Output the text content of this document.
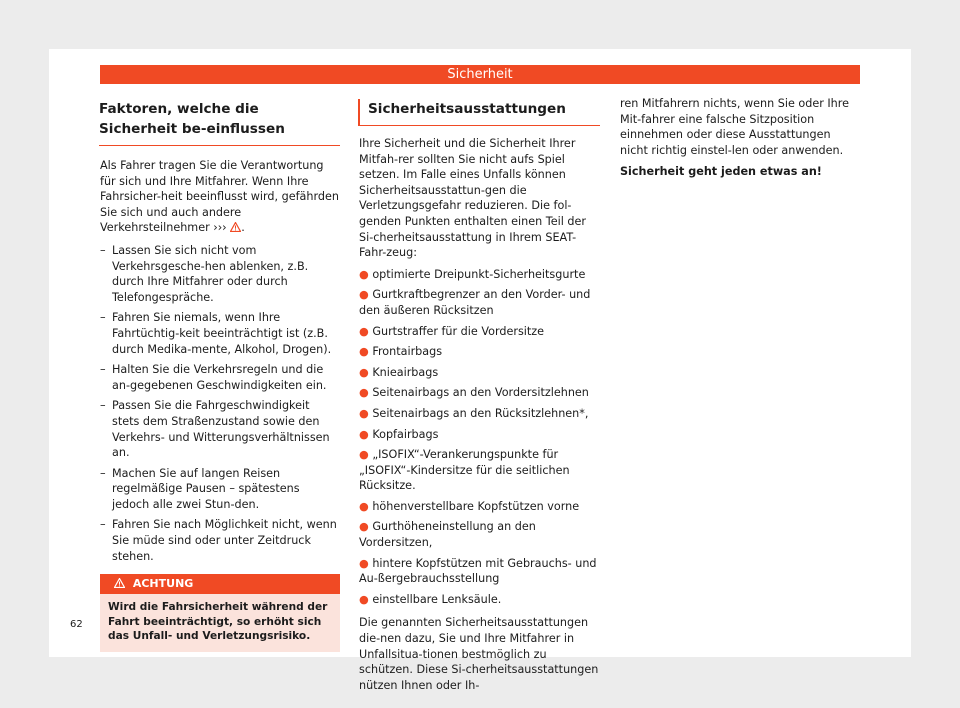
Sicherheit
Faktoren, welche die Sicherheit be-einflussen

Als Fahrer tragen Sie die Verantwortung für sich und Ihre Mitfahrer. Wenn Ihre Fahrsicher-heit beeinflusst wird, gefährden Sie sich und auch andere Verkehrsteilnehmer ››› .

– Lassen Sie sich nicht vom Verkehrsgesche-hen ablenken, z.B. durch Ihre Mitfahrer oder durch Telefongespräche.
– Fahren Sie niemals, wenn Ihre Fahrtüchtig-keit beeinträchtigt ist (z.B. durch Medika-mente, Alkohol, Drogen).
– Halten Sie die Verkehrsregeln und die an-gegebenen Geschwindigkeiten ein.
– Passen Sie die Fahrgeschwindigkeit stets dem Straßenzustand sowie den Verkehrs- und Witterungsverhältnissen an.
– Machen Sie auf langen Reisen regelmäßige Pausen – spätestens jedoch alle zwei Stun-den.
– Fahren Sie nach Möglichkeit nicht, wenn Sie müde sind oder unter Zeitdruck stehen.
ACHTUNG
Wird die Fahrsicherheit während der Fahrt beeinträchtigt, so erhöht sich das Unfall- und Verletzungsrisiko.
Sicherheitsausstattungen

Ihre Sicherheit und die Sicherheit Ihrer Mitfah-rer sollten Sie nicht aufs Spiel setzen. Im Falle eines Unfalls können Sicherheitsausstattun-gen die Verletzungsgefahr reduzieren. Die fol-genden Punkten enthalten einen Teil der Si-cherheitsausstattung in Ihrem SEAT-Fahr-zeug:

● optimierte Dreipunkt-Sicherheitsgurte
● Gurtkraftbegrenzer an den Vorder- und den äußeren Rücksitzen
● Gurtstraffer für die Vordersitze
● Frontairbags
● Knieairbags
● Seitenairbags an den Vordersitzlehnen
● Seitenairbags an den Rücksitzlehnen*,
● Kopfairbags
● „ISOFIX“-Verankerungspunkte für „ISOFIX“-Kindersitze für die seitlichen Rücksitze.
● höhenverstellbare Kopfstützen vorne
● Gurthöheneinstellung an den Vordersitzen,
● hintere Kopfstützen mit Gebrauchs- und Au-ßergebrauchsstellung
● einstellbare Lenksäule.

Die genannten Sicherheitsausstattungen die-nen dazu, Sie und Ihre Mitfahrer in Unfallsitua-tionen bestmöglich zu schützen. Diese Si-cherheitsausstattungen nützen Ihnen oder Ih-

ren Mitfahrern nichts, wenn Sie oder Ihre Mit-fahrer eine falsche Sitzposition einnehmen oder diese Ausstattungen nicht richtig einstel-len oder anwenden.

Sicherheit geht jeden etwas an!

62
